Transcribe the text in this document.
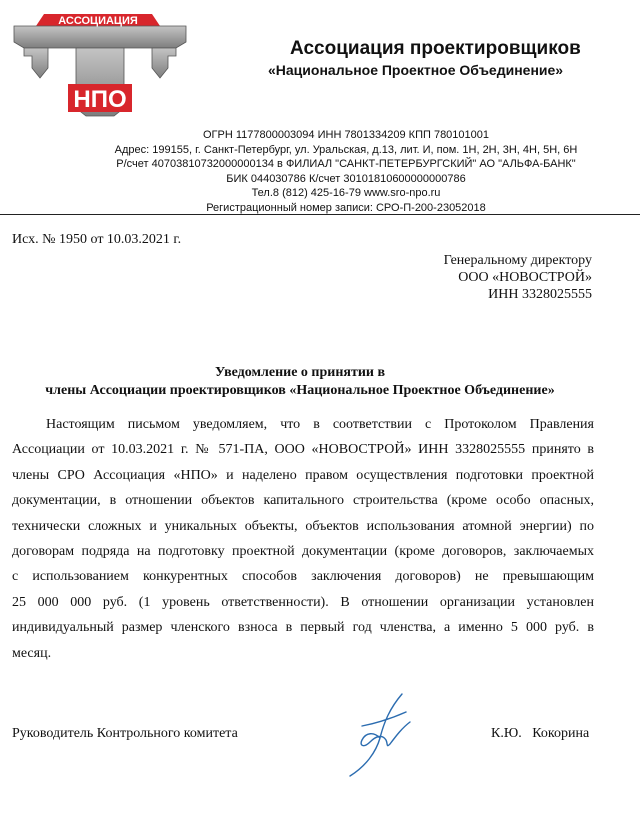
АССОЦИАЦИЯ
НПО
Ассоциация проектировщиков
«Национальное Проектное Объединение»
ОГРН 1177800003094 ИНН 7801334209 КПП 780101001
Адрес: 199155, г. Санкт-Петербург, ул. Уральская, д.13, лит. И, пом. 1Н, 2Н, 3Н, 4Н, 5Н, 6Н
Р/счет 40703810732000000134 в ФИЛИАЛ "САНКТ-ПЕТЕРБУРГСКИЙ" АО "АЛЬФА-БАНК"
БИК 044030786 К/счет 30101810600000000786
Тел.8 (812) 425-16-79 www.sro-npo.ru
Регистрационный номер записи: СРО-П-200-23052018
Исх. № 1950 от 10.03.2021 г.
Генеральному директору
ООО «НОВОСТРОЙ»
ИНН 3328025555
Уведомление о принятии в
члены Ассоциации проектировщиков «Национальное Проектное Объединение»
Настоящим письмом уведомляем, что в соответствии с Протоколом Правления
Ассоциации от 10.03.2021 г. № 571-ПА, ООО «НОВОСТРОЙ» ИНН 3328025555 принято в
члены СРО Ассоциация «НПО» и наделено правом осуществления подготовки проектной
документации, в отношении объектов капитального строительства (кроме особо опасных,
технически сложных и уникальных объекты, объектов использования атомной энергии) по
договорам подряда на подготовку проектной документации (кроме договоров, заключаемых
с использованием конкурентных способов заключения договоров) не превышающим
25 000 000 руб. (1 уровень ответственности). В отношении организации установлен
индивидуальный размер членского взноса в первый год членства, а именно 5 000 руб. в
месяц.
Руководитель Контрольного комитета	К.Ю.   Кокорина
